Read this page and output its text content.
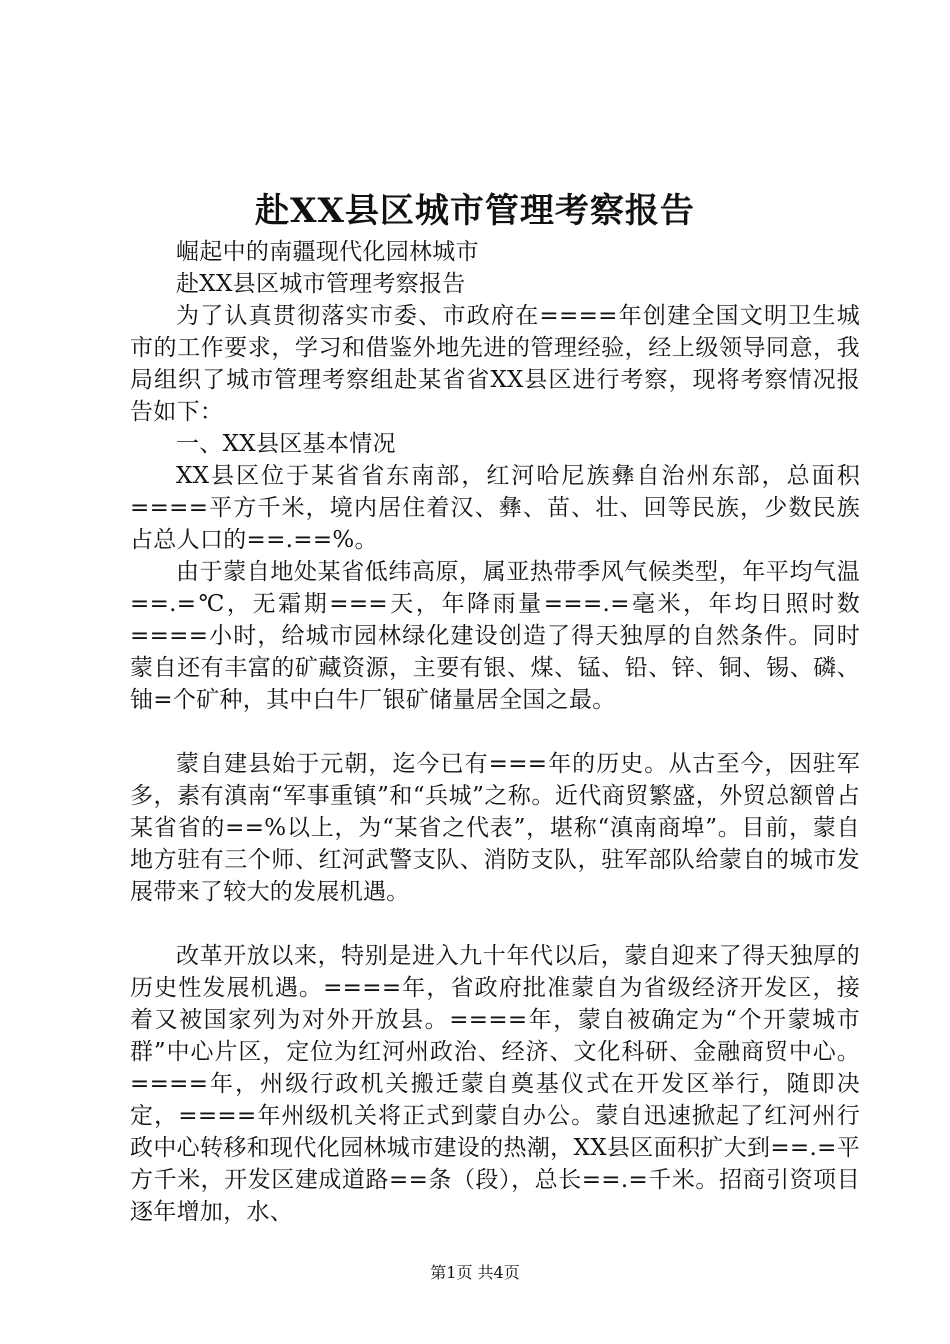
赴XX县区城市管理考察报告

崛起中的南疆现代化园林城市

赴XX县区城市管理考察报告

为了认真贯彻落实市委、市政府在====年创建全国文明卫生城市的工作要求，学习和借鉴外地先进的管理经验，经上级领导同意，我局组织了城市管理考察组赴某省省XX县区进行考察，现将考察情况报告如下：

一、XX县区基本情况

XX县区位于某省省东南部，红河哈尼族彝自治州东部，总面积====平方千米，境内居住着汉、彝、苗、壮、回等民族，少数民族占总人口的==.==%。

由于蒙自地处某省低纬高原，属亚热带季风气候类型，年平均气温==.=℃，无霜期===天，年降雨量===.=毫米，年均日照时数====小时，给城市园林绿化建设创造了得天独厚的自然条件。同时蒙自还有丰富的矿藏资源，主要有银、煤、锰、铅、锌、铜、锡、磷、铀=个矿种，其中白牛厂银矿储量居全国之最。

蒙自建县始于元朝，迄今已有===年的历史。从古至今，因驻军多，素有滇南“军事重镇”和“兵城”之称。近代商贸繁盛，外贸总额曾占某省省的==%以上，为“某省之代表”，堪称“滇南商埠”。目前，蒙自地方驻有三个师、红河武警支队、消防支队，驻军部队给蒙自的城市发展带来了较大的发展机遇。

改革开放以来，特别是进入九十年代以后，蒙自迎来了得天独厚的历史性发展机遇。====年，省政府批准蒙自为省级经济开发区，接着又被国家列为对外开放县。====年，蒙自被确定为“个开蒙城市群”中心片区，定位为红河州政治、经济、文化科研、金融商贸中心。====年，州级行政机关搬迁蒙自奠基仪式在开发区举行，随即决定，====年州级机关将正式到蒙自办公。蒙自迅速掀起了红河州行政中心转移和现代化园林城市建设的热潮，XX县区面积扩大到==.=平方千米，开发区建成道路==条（段），总长==.=千米。招商引资项目逐年增加，水、

第1页 共4页
